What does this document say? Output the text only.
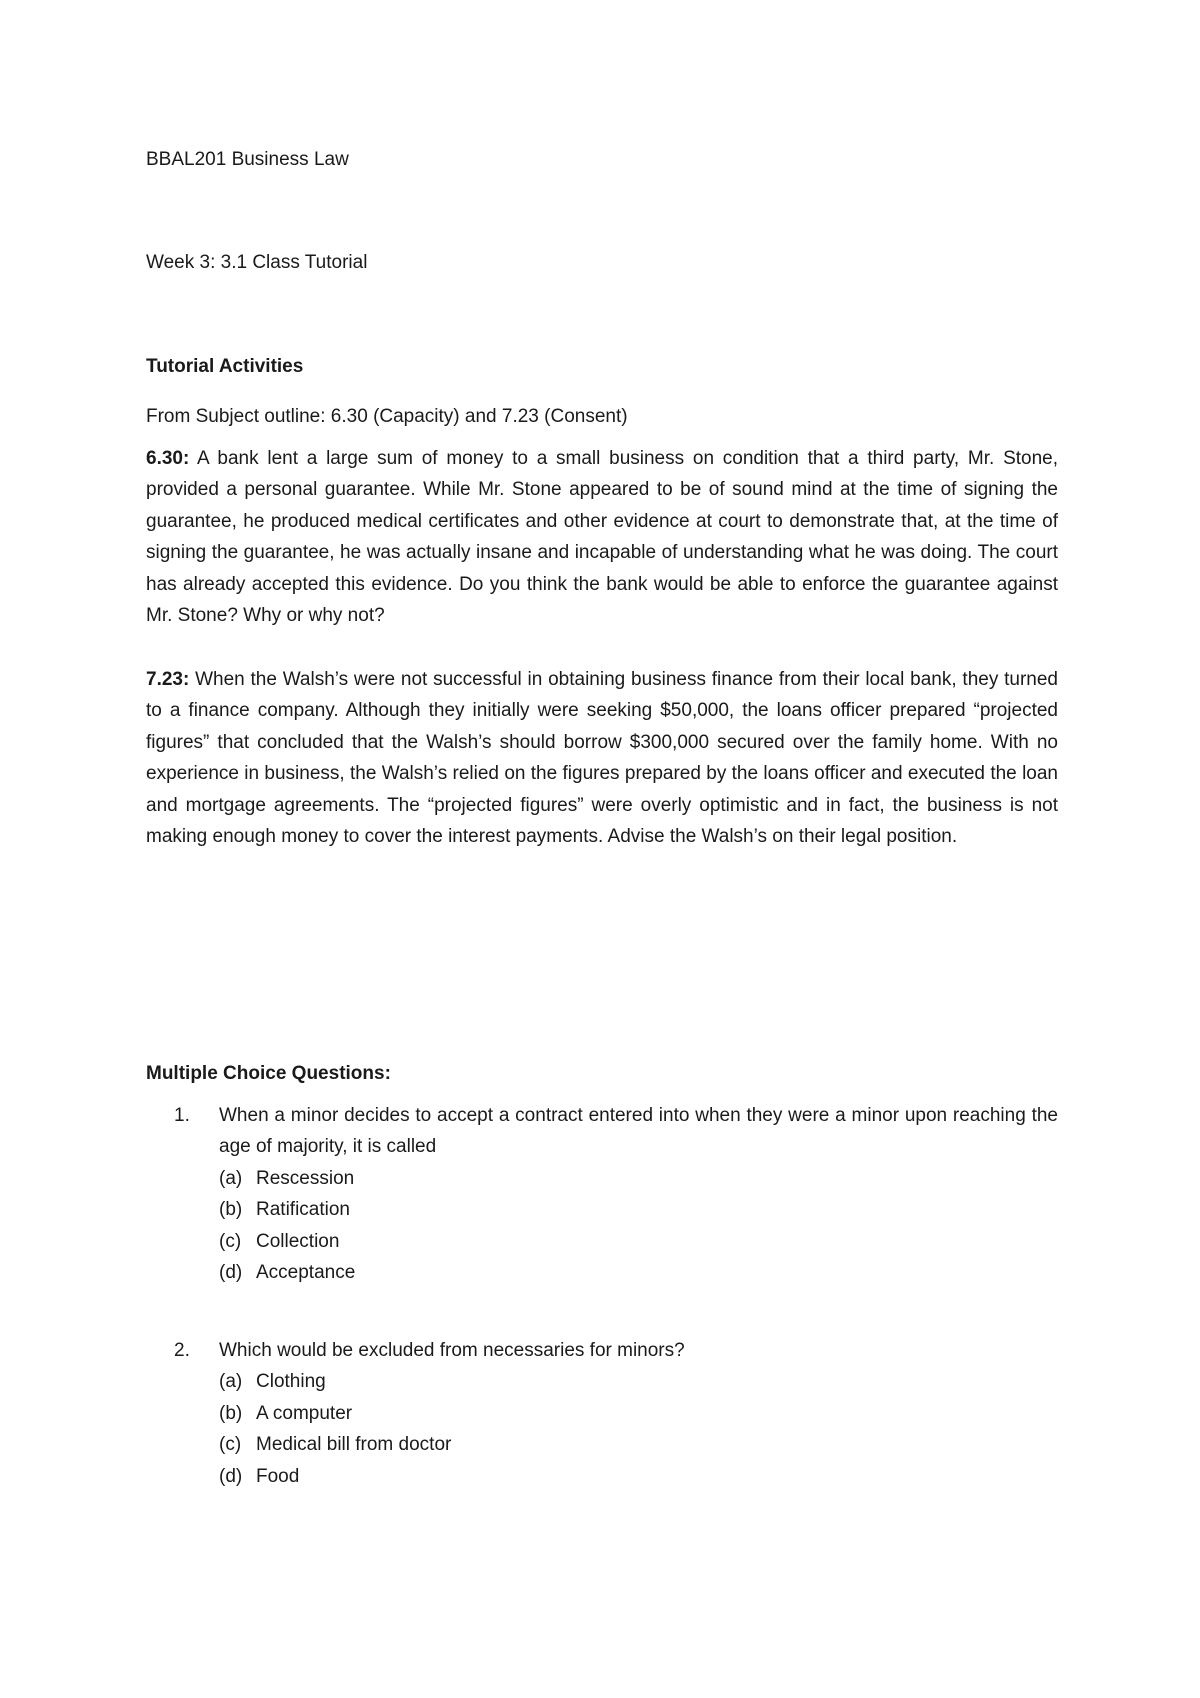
BBAL201 Business Law
Week 3: 3.1 Class Tutorial
Tutorial Activities
From Subject outline: 6.30 (Capacity) and 7.23 (Consent)
6.30: A bank lent a large sum of money to a small business on condition that a third party, Mr. Stone, provided a personal guarantee. While Mr. Stone appeared to be of sound mind at the time of signing the guarantee, he produced medical certificates and other evidence at court to demonstrate that, at the time of signing the guarantee, he was actually insane and incapable of understanding what he was doing. The court has already accepted this evidence. Do you think the bank would be able to enforce the guarantee against Mr. Stone? Why or why not?
7.23: When the Walsh’s were not successful in obtaining business finance from their local bank, they turned to a finance company. Although they initially were seeking $50,000, the loans officer prepared “projected figures” that concluded that the Walsh’s should borrow $300,000 secured over the family home. With no experience in business, the Walsh’s relied on the figures prepared by the loans officer and executed the loan and mortgage agreements. The “projected figures” were overly optimistic and in fact, the business is not making enough money to cover the interest payments. Advise the Walsh’s on their legal position.
Multiple Choice Questions:
1. When a minor decides to accept a contract entered into when they were a minor upon reaching the age of majority, it is called
(a) Rescession
(b) Ratification
(c) Collection
(d) Acceptance
2. Which would be excluded from necessaries for minors?
(a) Clothing
(b) A computer
(c) Medical bill from doctor
(d) Food
